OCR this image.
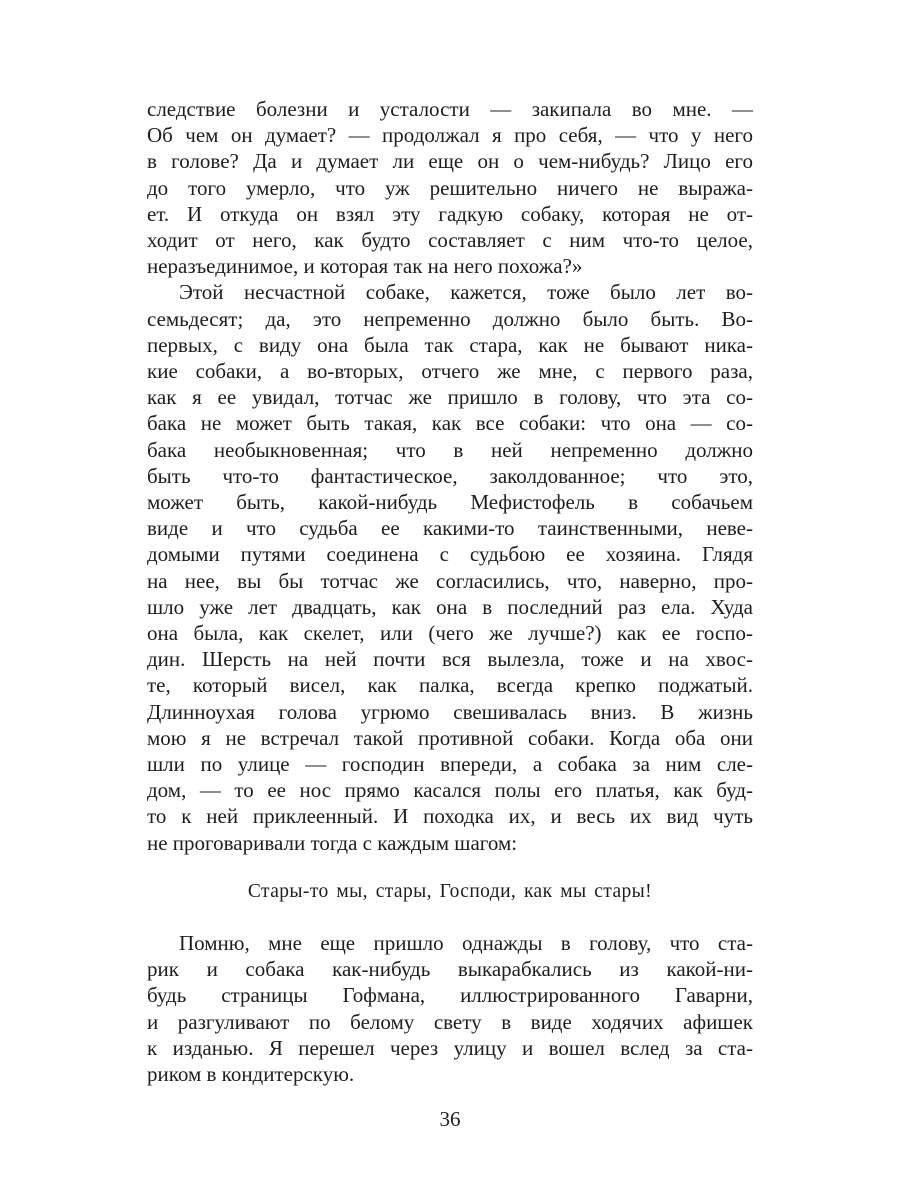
следствие болезни и усталости — закипала во мне. —
Об чем он думает? — продолжал я про себя, — что у него
в голове? Да и думает ли еще он о чем-нибудь? Лицо его
до того умерло, что уж решительно ничего не выража-
ет. И откуда он взял эту гадкую собаку, которая не от-
ходит от него, как будто составляет с ним что-то целое,
неразъединимое, и которая так на него похожа?»
Этой несчастной собаке, кажется, тоже было лет во-
семьдесят; да, это непременно должно было быть. Во-
первых, с виду она была так стара, как не бывают ника-
кие собаки, а во-вторых, отчего же мне, с первого раза,
как я ее увидал, тотчас же пришло в голову, что эта со-
бака не может быть такая, как все собаки: что она — со-
бака необыкновенная; что в ней непременно должно
быть что-то фантастическое, заколдованное; что это,
может быть, какой-нибудь Мефистофель в собачьем
виде и что судьба ее какими-то таинственными, неве-
домыми путями соединена с судьбою ее хозяина. Глядя
на нее, вы бы тотчас же согласились, что, наверно, про-
шло уже лет двадцать, как она в последний раз ела. Худа
она была, как скелет, или (чего же лучше?) как ее госпо-
дин. Шерсть на ней почти вся вылезла, тоже и на хвос-
те, который висел, как палка, всегда крепко поджатый.
Длинноухая голова угрюмо свешивалась вниз. В жизнь
мою я не встречал такой противной собаки. Когда оба они
шли по улице — господин впереди, а собака за ним сле-
дом, — то ее нос прямо касался полы его платья, как буд-
то к ней приклеенный. И походка их, и весь их вид чуть
не проговаривали тогда с каждым шагом:
Стары-то мы, стары, Господи, как мы стары!
Помню, мне еще пришло однажды в голову, что ста-
рик и собака как-нибудь выкарабкались из какой-ни-
будь страницы Гофмана, иллюстрированного Гаварни,
и разгуливают по белому свету в виде ходячих афишек
к изданью. Я перешел через улицу и вошел вслед за ста-
риком в кондитерскую.
36
